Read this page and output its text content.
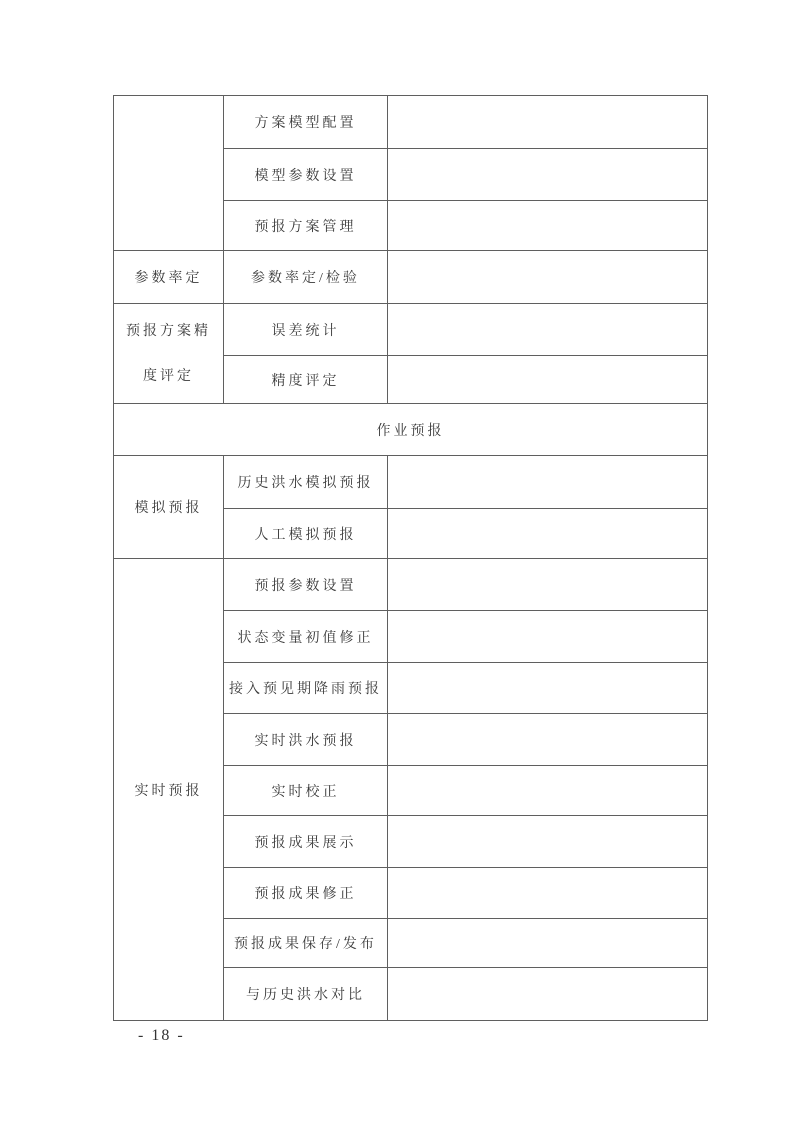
	方案模型配置	
	模型参数设置	
	预报方案管理	
参数率定	参数率定/检验	
预报方案精度评定	误差统计	
	精度评定	
作业预报		
模拟预报	历史洪水模拟预报	
	人工模拟预报	
实时预报	预报参数设置	
	状态变量初值修正	
	接入预见期降雨预报	
	实时洪水预报	
	实时校正	
	预报成果展示	
	预报成果修正	
	预报成果保存/发布	
	与历史洪水对比	
- 18 -
